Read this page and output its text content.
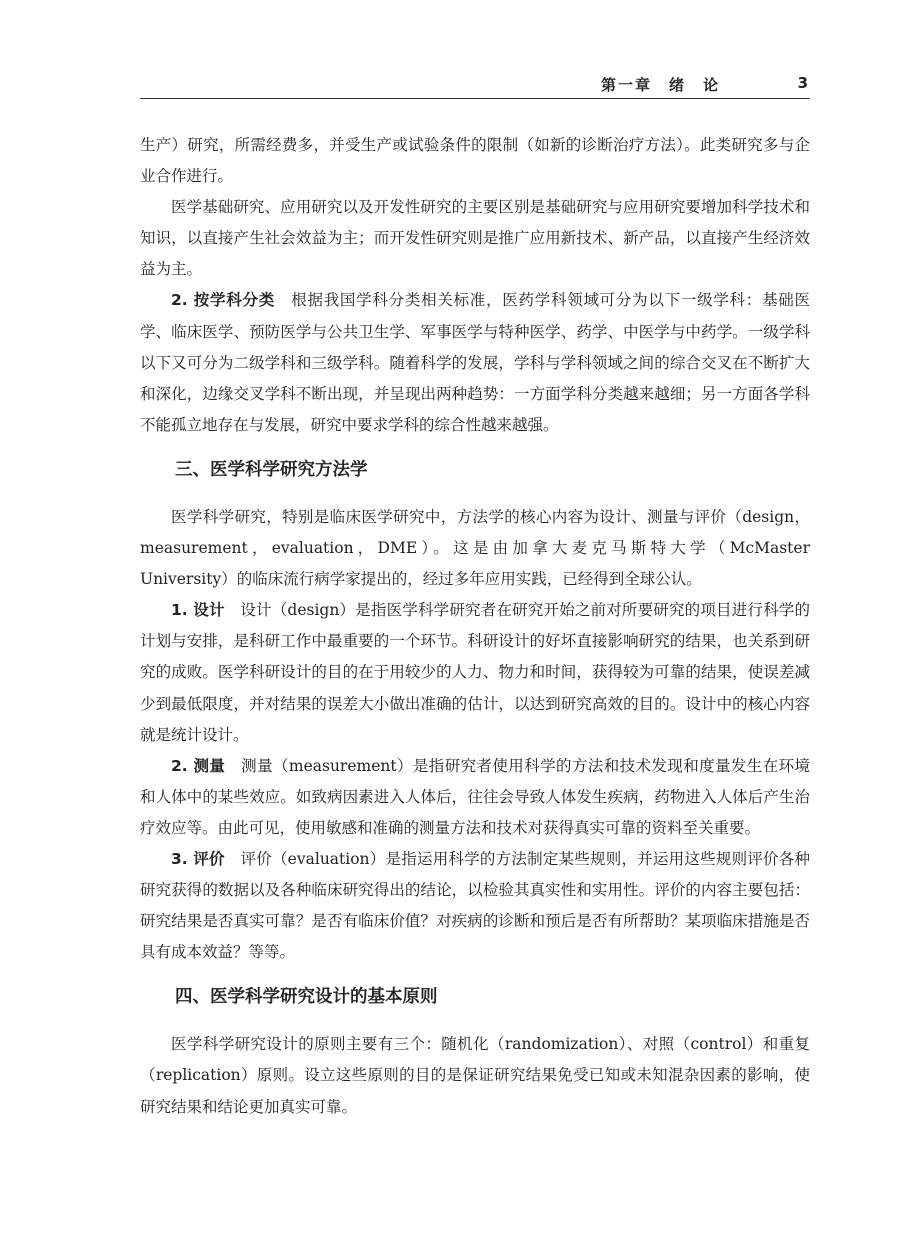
第一章　绪　论	3

生产）研究，所需经费多，并受生产或试验条件的限制（如新的诊断治疗方法）。此类研究多与企业合作进行。

医学基础研究、应用研究以及开发性研究的主要区别是基础研究与应用研究要增加科学技术和知识，以直接产生社会效益为主；而开发性研究则是推广应用新技术、新产品，以直接产生经济效益为主。

2. 按学科分类　根据我国学科分类相关标准，医药学科领域可分为以下一级学科：基础医学、临床医学、预防医学与公共卫生学、军事医学与特种医学、药学、中医学与中药学。一级学科以下又可分为二级学科和三级学科。随着科学的发展，学科与学科领域之间的综合交叉在不断扩大和深化，边缘交叉学科不断出现，并呈现出两种趋势：一方面学科分类越来越细；另一方面各学科不能孤立地存在与发展，研究中要求学科的综合性越来越强。

三、医学科学研究方法学

医学科学研究，特别是临床医学研究中，方法学的核心内容为设计、测量与评价（design，measurement，evaluation，DME）。这是由加拿大麦克马斯特大学（McMaster University）的临床流行病学家提出的，经过多年应用实践，已经得到全球公认。

1. 设计　设计（design）是指医学科学研究者在研究开始之前对所要研究的项目进行科学的计划与安排，是科研工作中最重要的一个环节。科研设计的好坏直接影响研究的结果，也关系到研究的成败。医学科研设计的目的在于用较少的人力、物力和时间，获得较为可靠的结果，使误差减少到最低限度，并对结果的误差大小做出准确的估计，以达到研究高效的目的。设计中的核心内容就是统计设计。

2. 测量　测量（measurement）是指研究者使用科学的方法和技术发现和度量发生在环境和人体中的某些效应。如致病因素进入人体后，往往会导致人体发生疾病，药物进入人体后产生治疗效应等。由此可见，使用敏感和准确的测量方法和技术对获得真实可靠的资料至关重要。

3. 评价　评价（evaluation）是指运用科学的方法制定某些规则，并运用这些规则评价各种研究获得的数据以及各种临床研究得出的结论，以检验其真实性和实用性。评价的内容主要包括：研究结果是否真实可靠？是否有临床价值？对疾病的诊断和预后是否有所帮助？某项临床措施是否具有成本效益？等等。

四、医学科学研究设计的基本原则

医学科学研究设计的原则主要有三个：随机化（randomization）、对照（control）和重复（replication）原则。设立这些原则的目的是保证研究结果免受已知或未知混杂因素的影响，使研究结果和结论更加真实可靠。
